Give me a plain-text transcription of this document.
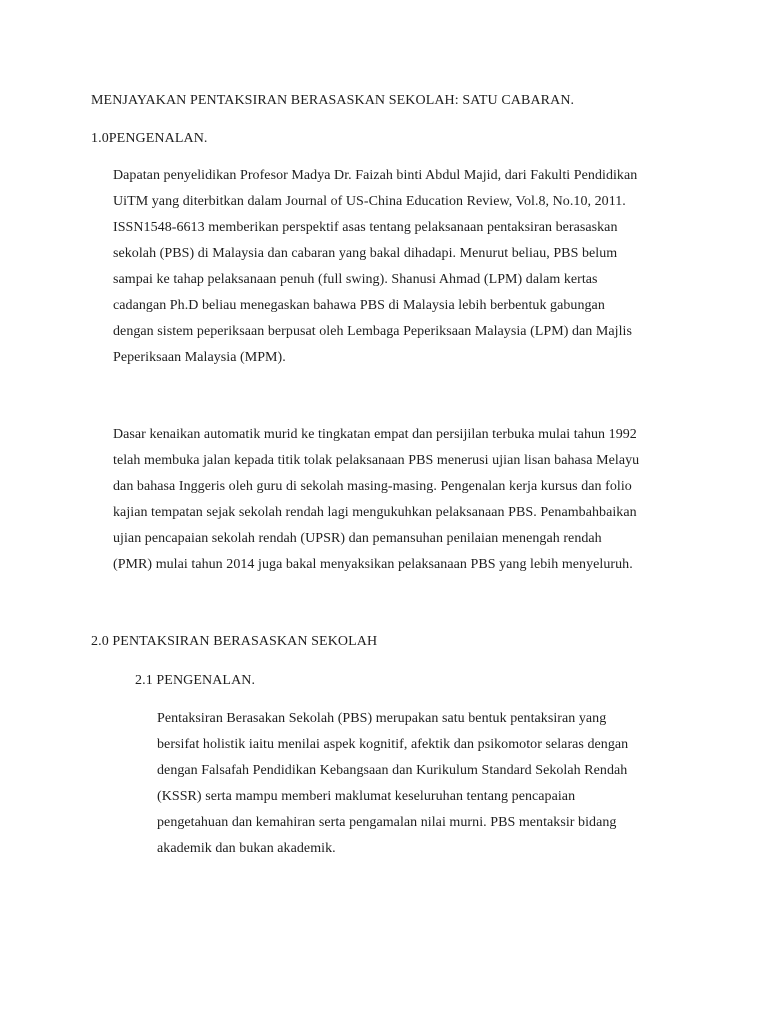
MENJAYAKAN PENTAKSIRAN BERASASKAN SEKOLAH: SATU CABARAN.
1.0PENGENALAN.
Dapatan penyelidikan Profesor Madya Dr. Faizah binti Abdul Majid, dari Fakulti Pendidikan
UiTM yang diterbitkan dalam Journal of US-China Education Review, Vol.8, No.10, 2011.
ISSN1548-6613 memberikan perspektif asas tentang pelaksanaan pentaksiran berasaskan
sekolah (PBS) di Malaysia dan cabaran yang bakal dihadapi. Menurut beliau, PBS belum
sampai ke tahap pelaksanaan penuh (full swing). Shanusi Ahmad (LPM) dalam kertas
cadangan Ph.D beliau menegaskan bahawa PBS di Malaysia lebih berbentuk gabungan
dengan sistem peperiksaan berpusat oleh Lembaga Peperiksaan Malaysia (LPM) dan Majlis
Peperiksaan Malaysia (MPM).
Dasar kenaikan automatik murid ke tingkatan empat dan persijilan terbuka mulai tahun 1992
telah membuka jalan kepada titik tolak pelaksanaan PBS menerusi ujian lisan bahasa Melayu
dan bahasa Inggeris oleh guru di sekolah masing-masing. Pengenalan kerja kursus dan folio
kajian tempatan sejak sekolah rendah lagi mengukuhkan pelaksanaan PBS. Penambahbaikan
ujian pencapaian sekolah rendah (UPSR) dan pemansuhan penilaian menengah rendah
(PMR) mulai tahun 2014 juga bakal menyaksikan pelaksanaan PBS yang lebih menyeluruh.
2.0 PENTAKSIRAN BERASASKAN SEKOLAH
2.1 PENGENALAN.
Pentaksiran Berasakan Sekolah (PBS) merupakan satu bentuk pentaksiran yang
bersifat holistik iaitu menilai aspek kognitif, afektik dan psikomotor selaras dengan
dengan Falsafah Pendidikan Kebangsaan dan Kurikulum Standard Sekolah Rendah
(KSSR) serta mampu memberi maklumat keseluruhan tentang pencapaian
pengetahuan dan kemahiran serta pengamalan nilai murni. PBS mentaksir bidang
akademik dan bukan akademik.
